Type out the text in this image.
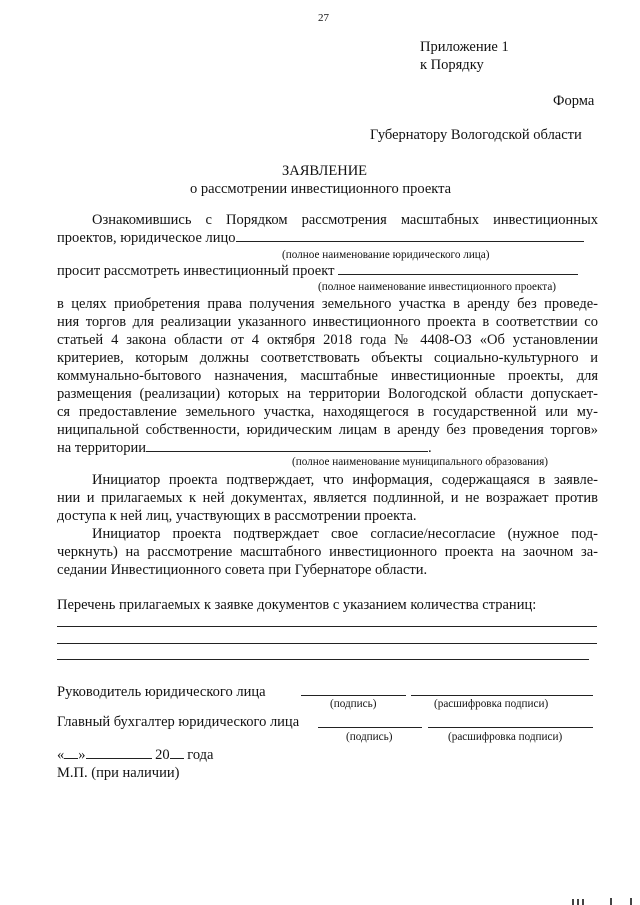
27
Приложение 1
к Порядку
Форма
Губернатору Вологодской области
ЗАЯВЛЕНИЕ
о рассмотрении инвестиционного проекта
Ознакомившись с Порядком рассмотрения масштабных инвестиционных
проектов, юридическое лицо
(полное наименование юридического лица)
просит рассмотреть инвестиционный проект
(полное наименование инвестиционного проекта)
в целях приобретения права получения земельного участка в аренду без проведе-
ния торгов для реализации указанного инвестиционного проекта в соответствии со
статьей 4 закона области от 4 октября 2018 года № 4408-ОЗ «Об установлении
критериев, которым должны соответствовать объекты социально-культурного и
коммунально-бытового назначения, масштабные инвестиционные проекты, для
размещения (реализации) которых на территории Вологодской области допускает-
ся предоставление земельного участка, находящегося в государственной или му-
ниципальной собственности, юридическим лицам в аренду без проведения торгов»
на территории	.
(полное наименование муниципального образования)
Инициатор проекта подтверждает, что информация, содержащаяся в заявле-
нии и прилагаемых к ней документах, является подлинной, и не возражает против
доступа к ней лиц, участвующих в рассмотрении проекта.
Инициатор проекта подтверждает свое согласие/несогласие (нужное под-
черкнуть) на рассмотрение масштабного инвестиционного проекта на заочном за-
седании Инвестиционного совета при Губернаторе области.
Перечень прилагаемых к заявке документов с указанием количества страниц:
Руководитель юридического лица
(подпись)	(расшифровка подписи)
Главный бухгалтер юридического лица
(подпись)	(расшифровка подписи)
« »	20 года
М.П. (при наличии)
